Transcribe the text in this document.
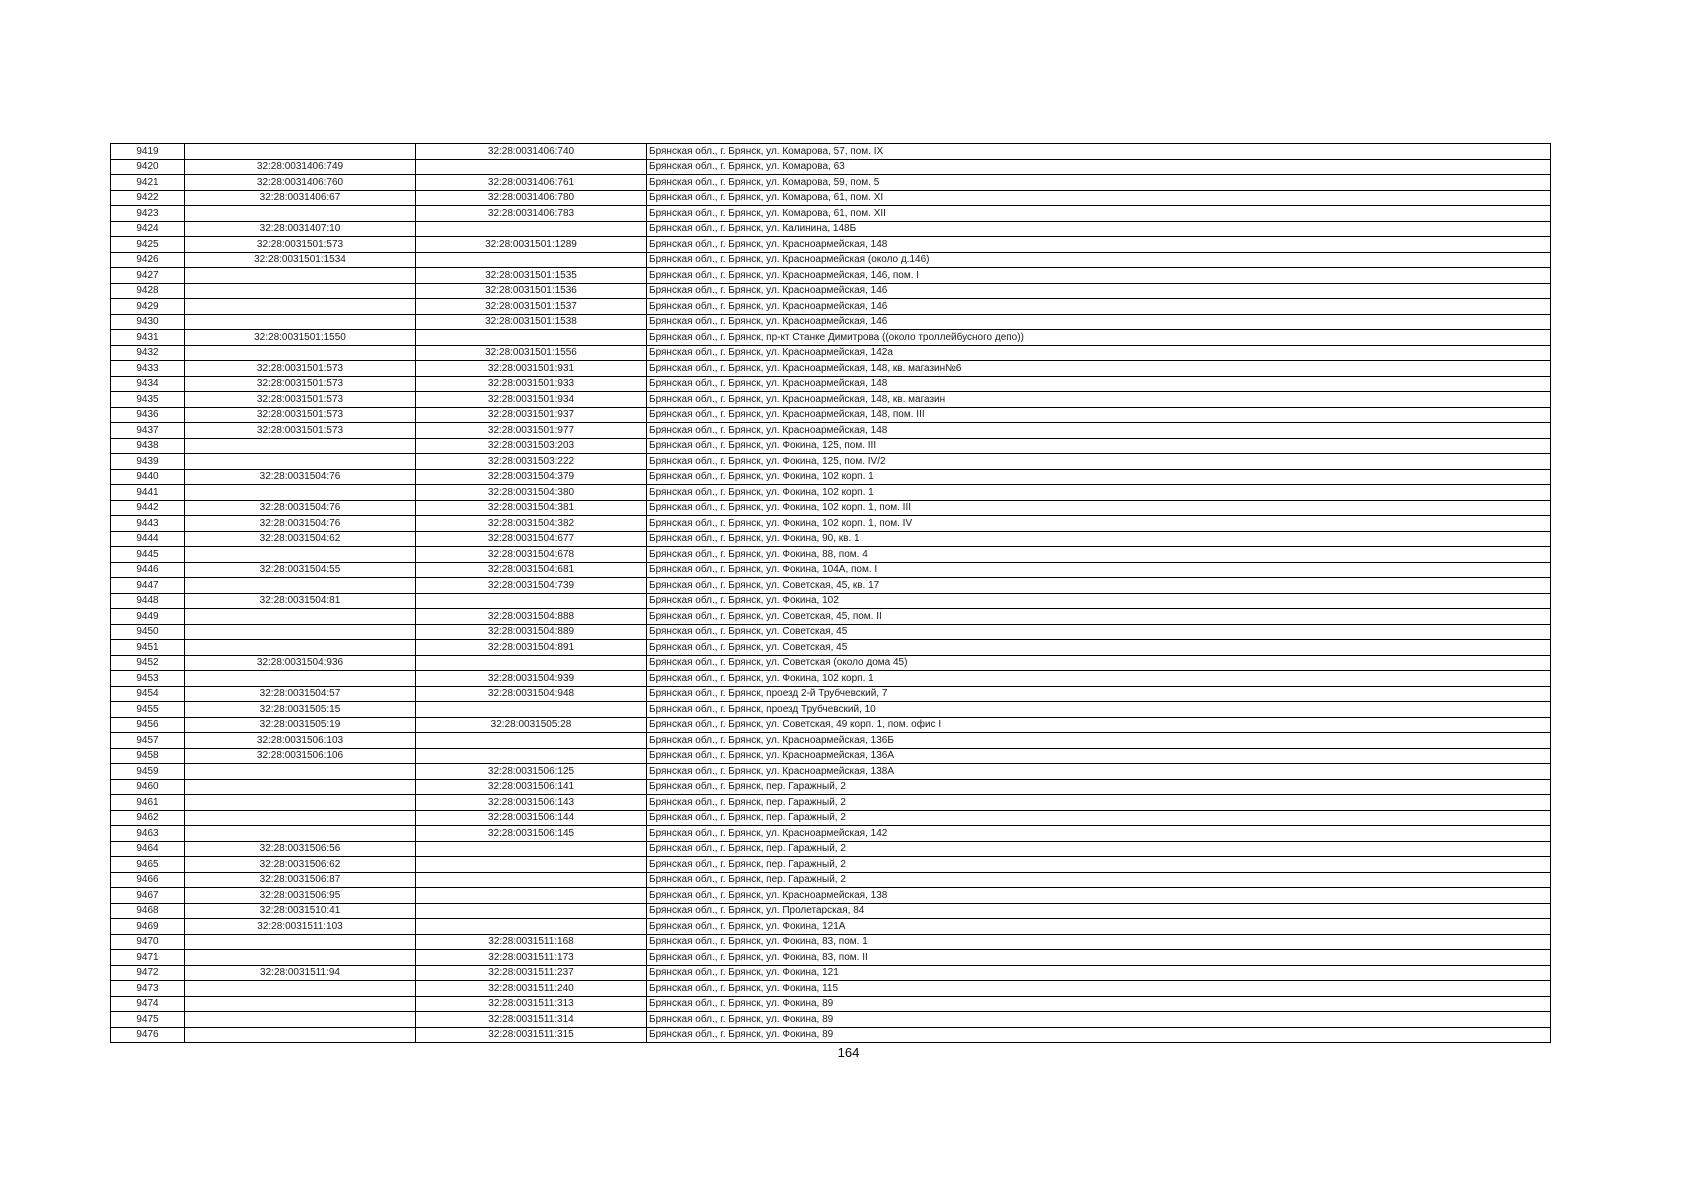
9419		32:28:0031406:740	Брянская обл., г. Брянск, ул. Комарова, 57, пом. IX
9420	32:28:0031406:749		Брянская обл., г. Брянск, ул. Комарова, 63
9421	32:28:0031406:760	32:28:0031406:761	Брянская обл., г. Брянск, ул. Комарова, 59, пом. 5
9422	32:28:0031406:67	32:28:0031406:780	Брянская обл., г. Брянск, ул. Комарова, 61, пом. XI
9423		32:28:0031406:783	Брянская обл., г. Брянск, ул. Комарова, 61, пом. XII
9424	32:28:0031407:10		Брянская обл., г. Брянск, ул. Калинина, 148Б
9425	32:28:0031501:573	32:28:0031501:1289	Брянская обл., г. Брянск, ул. Красноармейская, 148
9426	32:28:0031501:1534		Брянская обл., г. Брянск, ул. Красноармейская (около д.146)
9427		32:28:0031501:1535	Брянская обл., г. Брянск, ул. Красноармейская, 146, пом. I
9428		32:28:0031501:1536	Брянская обл., г. Брянск, ул. Красноармейская, 146
9429		32:28:0031501:1537	Брянская обл., г. Брянск, ул. Красноармейская, 146
9430		32:28:0031501:1538	Брянская обл., г. Брянск, ул. Красноармейская, 146
9431	32:28:0031501:1550		Брянская обл., г. Брянск, пр-кт Станке Димитрова ((около троллейбусного депо))
9432		32:28:0031501:1556	Брянская обл., г. Брянск, ул. Красноармейская, 142а
9433	32:28:0031501:573	32:28:0031501:931	Брянская обл., г. Брянск, ул. Красноармейская, 148, кв. магазин№6
9434	32:28:0031501:573	32:28:0031501:933	Брянская обл., г. Брянск, ул. Красноармейская, 148
9435	32:28:0031501:573	32:28:0031501:934	Брянская обл., г. Брянск, ул. Красноармейская, 148, кв. магазин
9436	32:28:0031501:573	32:28:0031501:937	Брянская обл., г. Брянск, ул. Красноармейская, 148, пом. III
9437	32:28:0031501:573	32:28:0031501:977	Брянская обл., г. Брянск, ул. Красноармейская, 148
9438		32:28:0031503:203	Брянская обл., г. Брянск, ул. Фокина, 125, пом. III
9439		32:28:0031503:222	Брянская обл., г. Брянск, ул. Фокина, 125, пом. IV/2
9440	32:28:0031504:76	32:28:0031504:379	Брянская обл., г. Брянск, ул. Фокина, 102 корп. 1
9441		32:28:0031504:380	Брянская обл., г. Брянск, ул. Фокина, 102 корп. 1
9442	32:28:0031504:76	32:28:0031504:381	Брянская обл., г. Брянск, ул. Фокина, 102 корп. 1, пом. III
9443	32:28:0031504:76	32:28:0031504:382	Брянская обл., г. Брянск, ул. Фокина, 102 корп. 1, пом. IV
9444	32:28:0031504:62	32:28:0031504:677	Брянская обл., г. Брянск, ул. Фокина, 90, кв. 1
9445		32:28:0031504:678	Брянская обл., г. Брянск, ул. Фокина, 88, пом. 4
9446	32:28:0031504:55	32:28:0031504:681	Брянская обл., г. Брянск, ул. Фокина, 104А, пом. I
9447		32:28:0031504:739	Брянская обл., г. Брянск, ул. Советская, 45, кв. 17
9448	32:28:0031504:81		Брянская обл., г. Брянск, ул. Фокина, 102
9449		32:28:0031504:888	Брянская обл., г. Брянск, ул. Советская, 45, пом. II
9450		32:28:0031504:889	Брянская обл., г. Брянск, ул. Советская, 45
9451		32:28:0031504:891	Брянская обл., г. Брянск, ул. Советская, 45
9452	32:28:0031504:936		Брянская обл., г. Брянск, ул. Советская (около дома 45)
9453		32:28:0031504:939	Брянская обл., г. Брянск, ул. Фокина, 102 корп. 1
9454	32:28:0031504:57	32:28:0031504:948	Брянская обл., г. Брянск, проезд 2-й Трубчевский, 7
9455	32:28:0031505:15		Брянская обл., г. Брянск, проезд Трубчевский, 10
9456	32:28:0031505:19	32:28:0031505:28	Брянская обл., г. Брянск, ул. Советская, 49 корп. 1, пом. офис I
9457	32:28:0031506:103		Брянская обл., г. Брянск, ул. Красноармейская, 136Б
9458	32:28:0031506:106		Брянская обл., г. Брянск, ул. Красноармейская, 136А
9459		32:28:0031506:125	Брянская обл., г. Брянск, ул. Красноармейская, 138А
9460		32:28:0031506:141	Брянская обл., г. Брянск, пер. Гаражный, 2
9461		32:28:0031506:143	Брянская обл., г. Брянск, пер. Гаражный, 2
9462		32:28:0031506:144	Брянская обл., г. Брянск, пер. Гаражный, 2
9463		32:28:0031506:145	Брянская обл., г. Брянск, ул. Красноармейская, 142
9464	32:28:0031506:56		Брянская обл., г. Брянск, пер. Гаражный, 2
9465	32:28:0031506:62		Брянская обл., г. Брянск, пер. Гаражный, 2
9466	32:28:0031506:87		Брянская обл., г. Брянск, пер. Гаражный, 2
9467	32:28:0031506:95		Брянская обл., г. Брянск, ул. Красноармейская, 138
9468	32:28:0031510:41		Брянская обл., г. Брянск, ул. Пролетарская, 84
9469	32:28:0031511:103		Брянская обл., г. Брянск, ул. Фокина, 121А
9470		32:28:0031511:168	Брянская обл., г. Брянск, ул. Фокина, 83, пом. 1
9471		32:28:0031511:173	Брянская обл., г. Брянск, ул. Фокина, 83, пом. II
9472	32:28:0031511:94	32:28:0031511:237	Брянская обл., г. Брянск, ул. Фокина, 121
9473		32:28:0031511:240	Брянская обл., г. Брянск, ул. Фокина, 115
9474		32:28:0031511:313	Брянская обл., г. Брянск, ул. Фокина, 89
9475		32:28:0031511:314	Брянская обл., г. Брянск, ул. Фокина, 89
9476		32:28:0031511:315	Брянская обл., г. Брянск, ул. Фокина, 89
164
